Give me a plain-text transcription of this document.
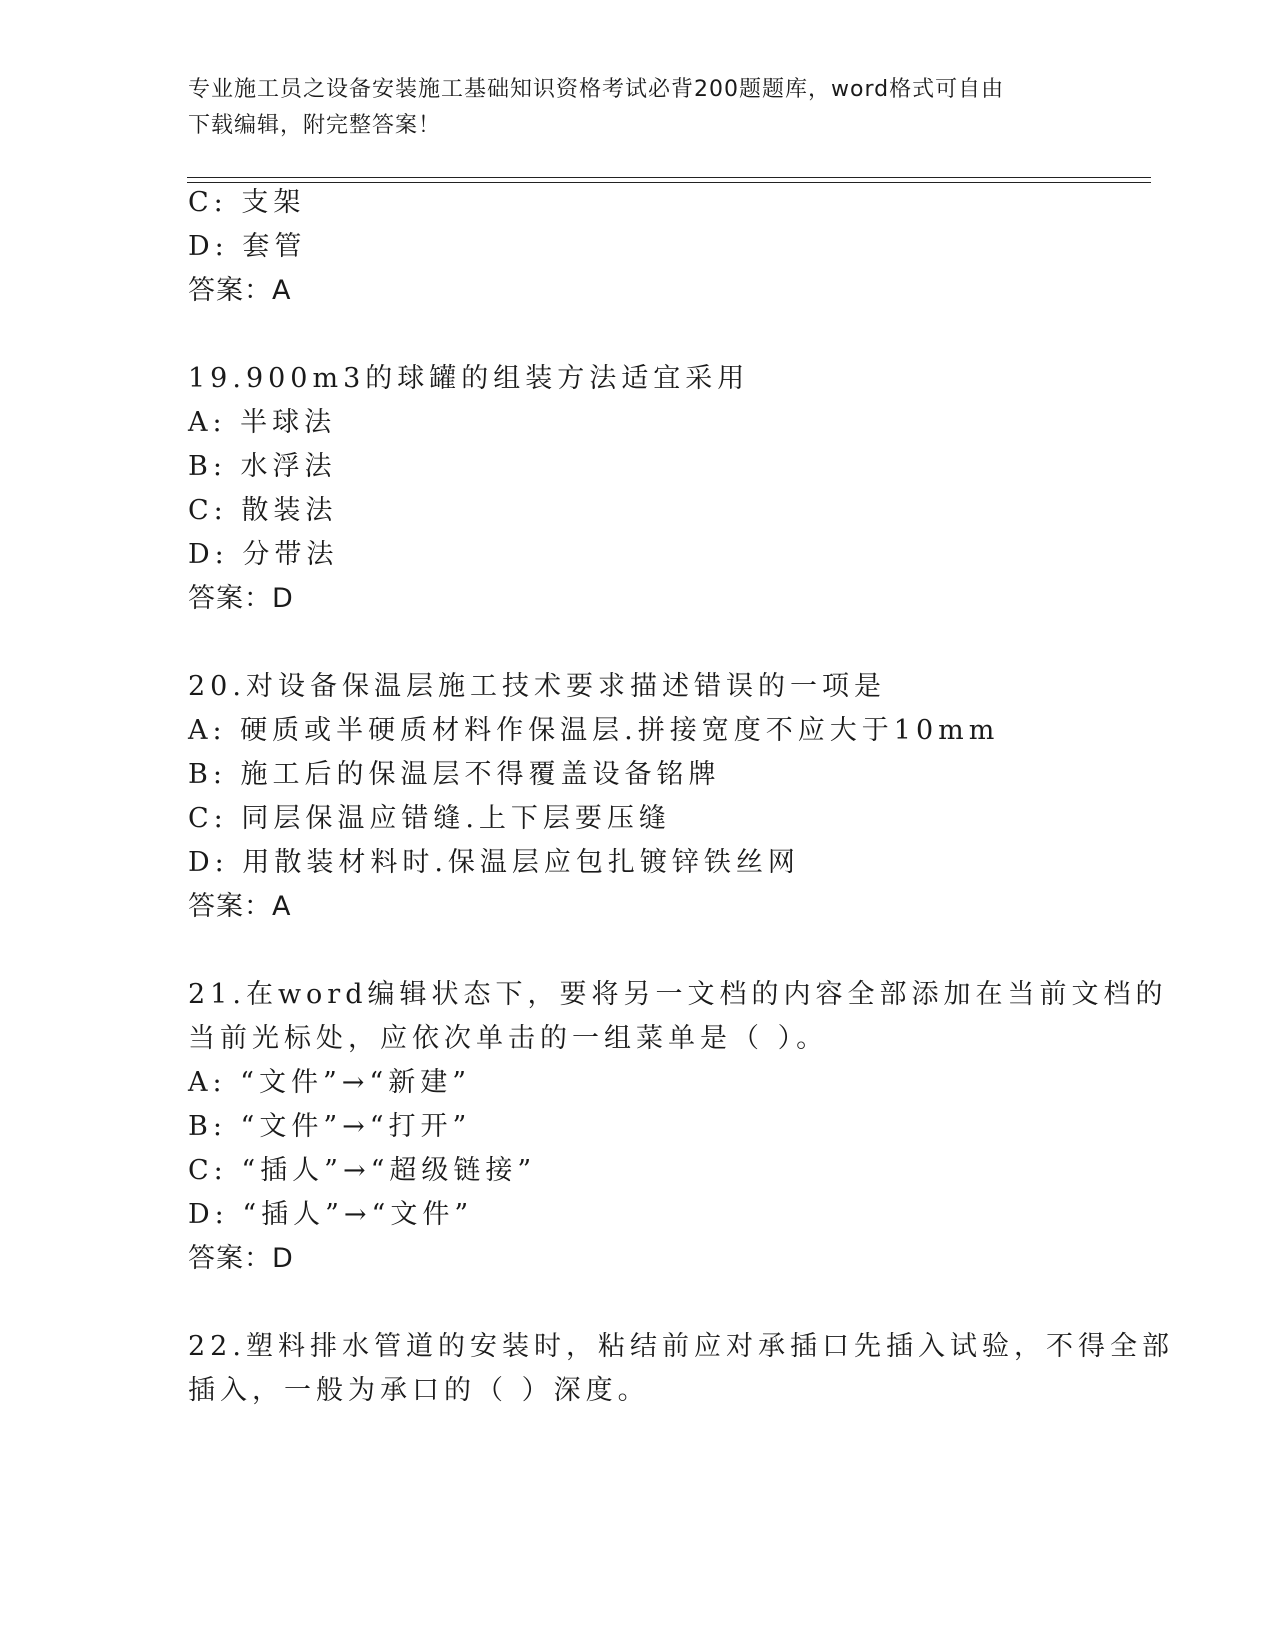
专业施工员之设备安装施工基础知识资格考试必背200题题库，word格式可自由
下载编辑，附完整答案！
C: 支架
D: 套管
答案：A
19.900m3的球罐的组装方法适宜采用
A: 半球法
B: 水浮法
C: 散装法
D: 分带法
答案：D
20.对设备保温层施工技术要求描述错误的一项是
A: 硬质或半硬质材料作保温层.拼接宽度不应大于10mm
B: 施工后的保温层不得覆盖设备铭牌
C: 同层保温应错缝.上下层要压缝
D: 用散装材料时.保温层应包扎镀锌铁丝网
答案：A
21.在word编辑状态下，要将另一文档的内容全部添加在当前文档的
当前光标处，应依次单击的一组菜单是（ ）。
A: “文件”→“新建”
B: “文件”→“打开”
C: “插人”→“超级链接”
D: “插人”→“文件”
答案：D
22.塑料排水管道的安装时，粘结前应对承插口先插入试验，不得全部
插入，一般为承口的（ ）深度。
